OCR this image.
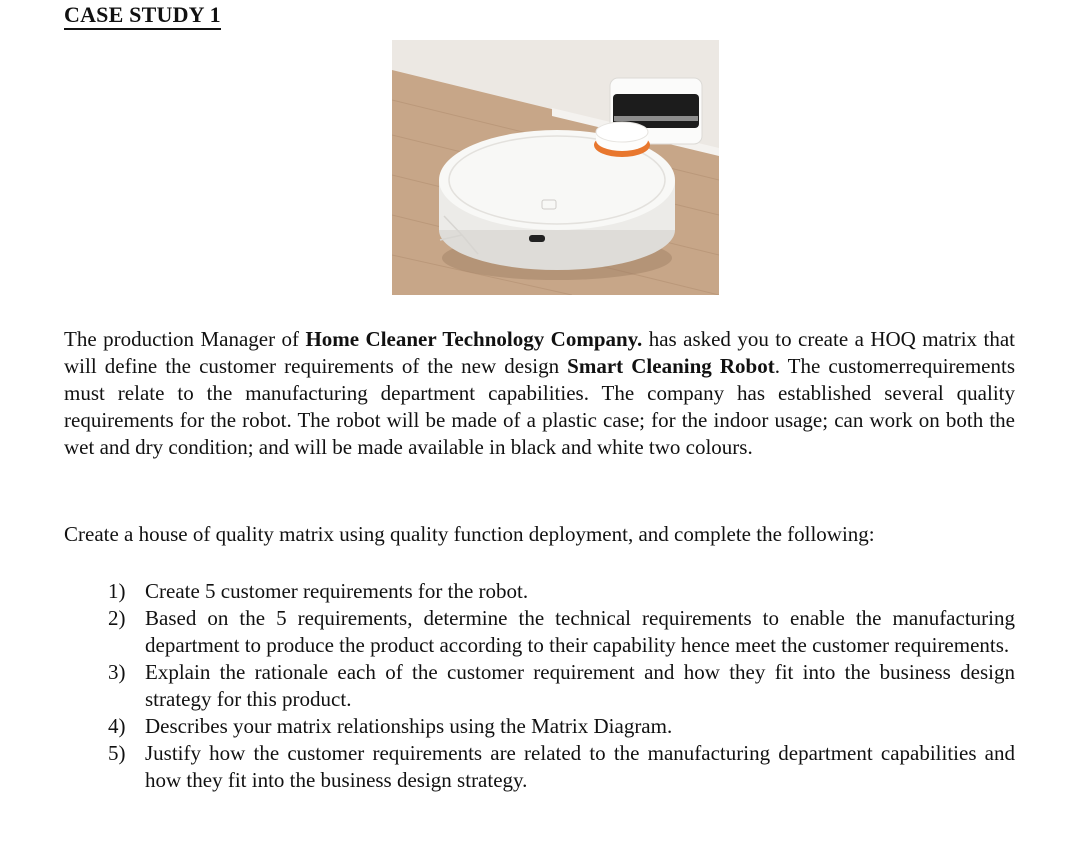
CASE STUDY 1

The production Manager of Home Cleaner Technology Company. has asked you to create a HOQ matrix that will define the customer requirements of the new design Smart Cleaning Robot. The customerrequirements must relate to the manufacturing department capabilities. The company has established several quality requirements for the robot. The robot will be made of a plastic case; for the indoor usage; can work on both the wet and dry condition; and will be made available in black and white two colours.

Create a house of quality matrix using quality function deployment, and complete the following:

1) Create 5 customer requirements for the robot.
2) Based on the 5 requirements, determine the technical requirements to enable the manufacturing department to produce the product according to their capability hence meet the customer requirements.
3) Explain the rationale each of the customer requirement and how they fit into the business design strategy for this product.
4) Describes your matrix relationships using the Matrix Diagram.
5) Justify how the customer requirements are related to the manufacturing department capabilities and how they fit into the business design strategy.
